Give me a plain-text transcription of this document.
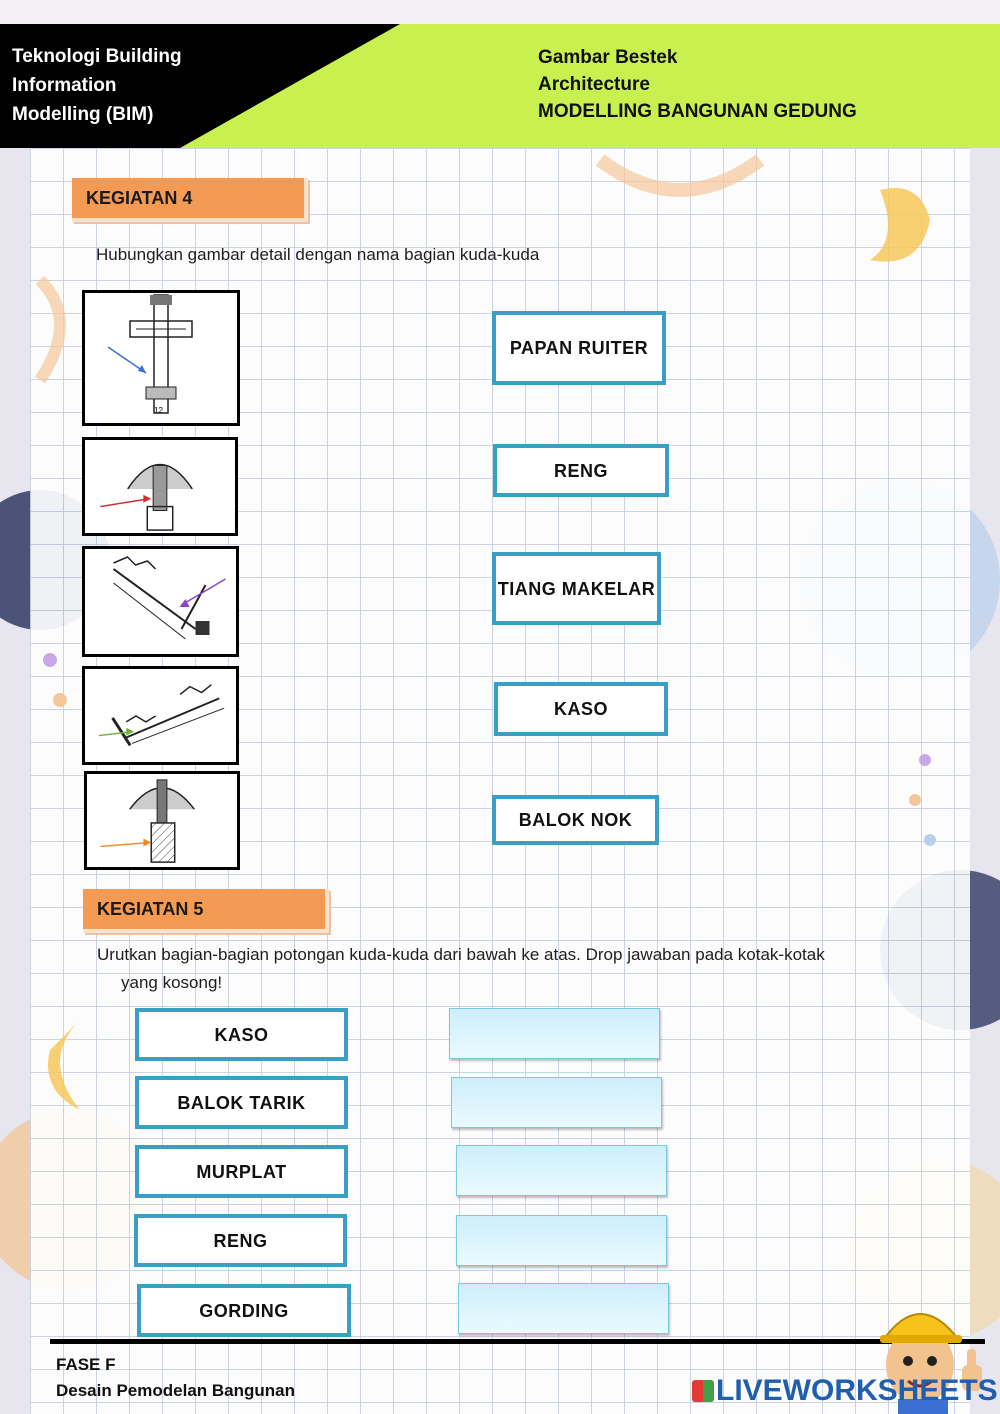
Teknologi Building
Information
Modelling (BIM)
Gambar Bestek
Architecture
MODELLING BANGUNAN GEDUNG
KEGIATAN 4
Hubungkan gambar detail dengan nama bagian kuda-kuda
12
PAPAN RUITER
RENG
TIANG MAKELAR
KASO
BALOK NOK
KEGIATAN 5
Urutkan bagian-bagian potongan kuda-kuda dari bawah ke atas. Drop jawaban pada kotak-kotak
yang kosong!
KASO
BALOK TARIK
MURPLAT
RENG
GORDING
FASE F
Desain Pemodelan Bangunan	LIVEWORKSHEETS
